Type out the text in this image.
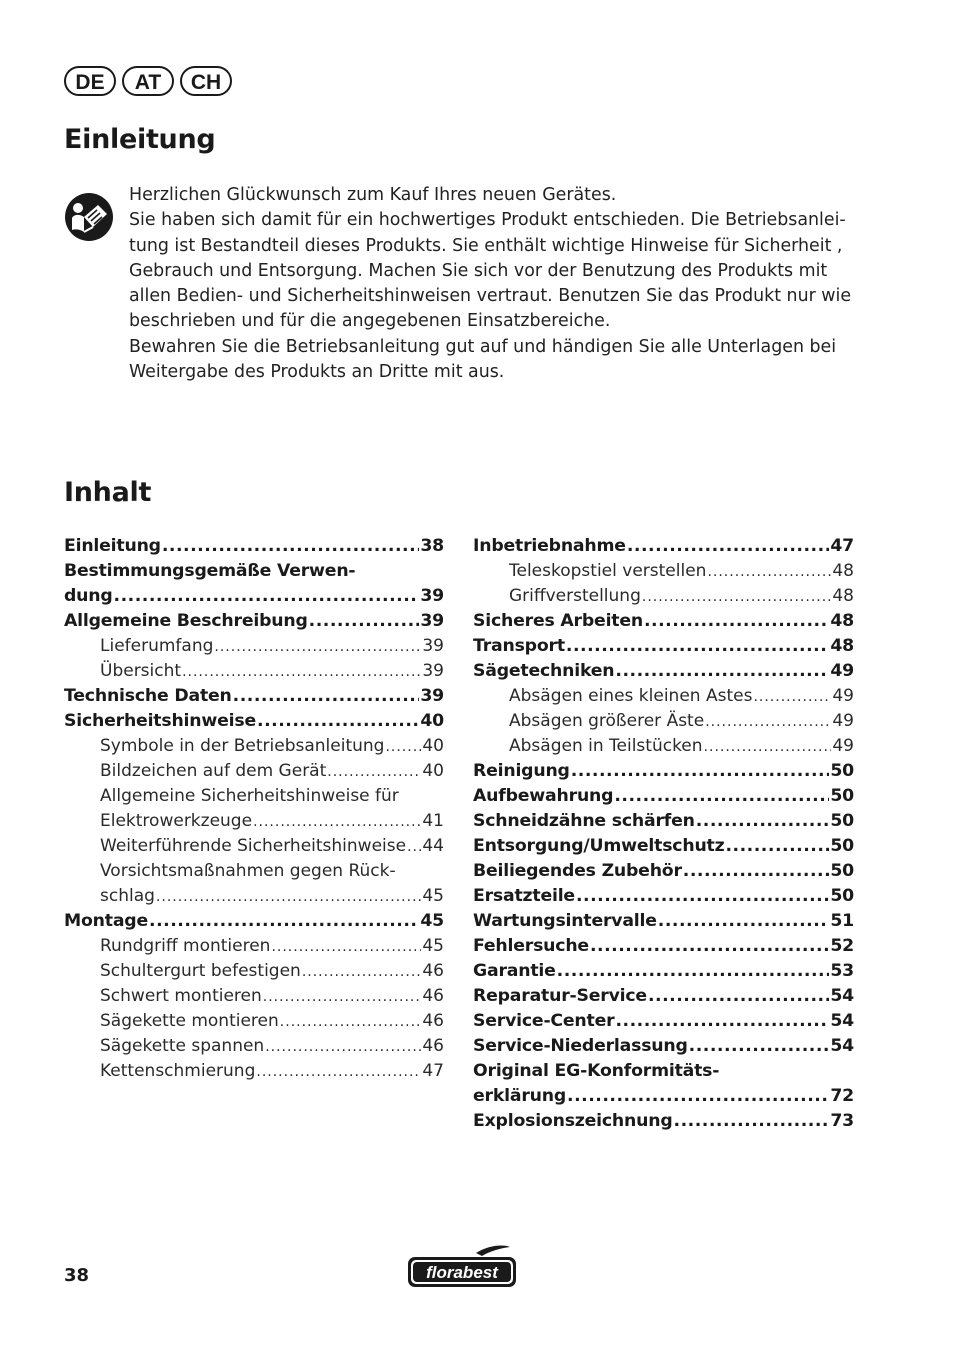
DE	AT	CH
Einleitung
Herzlichen Glückwunsch zum Kauf Ihres neuen Gerätes.
Sie haben sich damit für ein hochwertiges Produkt entschieden. Die Betriebsanlei-
tung ist Bestandteil dieses Produkts. Sie enthält wichtige Hinweise für Sicherheit ,
Gebrauch und Entsorgung. Machen Sie sich vor der Benutzung des Produkts mit
allen Bedien- und Sicherheitshinweisen vertraut. Benutzen Sie das Produkt nur wie
beschrieben und für die angegebenen Einsatzbereiche.
Bewahren Sie die Betriebsanleitung gut auf und händigen Sie alle Unterlagen bei
Weitergabe des Produkts an Dritte mit aus.
Inhalt
Einleitung .....	38
Bestimmungsgemäße Verwen-
dung .....	39
Allgemeine Beschreibung .....	39
Lieferumfang .....	39
Übersicht .....	39
Technische Daten .....	39
Sicherheitshinweise .....	40
Symbole in der Betriebsanleitung ..... 40
Bildzeichen auf dem Gerät .....	40
Allgemeine Sicherheitshinweise für
Elektrowerkzeuge .....	41
Weiterführende Sicherheitshinweise ..... 44
Vorsichtsmaßnahmen gegen Rück-
schlag .....	45
Montage .....	45
Rundgriff montieren .....	45
Schultergurt befestigen .....	46
Schwert montieren .....	46
Sägekette montieren .....	46
Sägekette spannen .....	46
Kettenschmierung .....	47
Inbetriebnahme .....	47
Teleskopstiel verstellen .....	48
Griffverstellung .....	48
Sicheres Arbeiten .....	48
Transport .....	48
Sägetechniken .....	49
Absägen eines kleinen Astes .....	49
Absägen größerer Äste .....	49
Absägen in Teilstücken .....	49
Reinigung .....	50
Aufbewahrung .....	50
Schneidzähne schärfen .....	50
Entsorgung/Umweltschutz .....	50
Beiliegendes Zubehör .....	50
Ersatzteile .....	50
Wartungsintervalle .....	51
Fehlersuche .....	52
Garantie .....	53
Reparatur-Service .....	54
Service-Center .....	54
Service-Niederlassung .....	54
Original EG-Konformitäts-
erklärung .....	72
Explosionszeichnung .....	73
38	florabest
